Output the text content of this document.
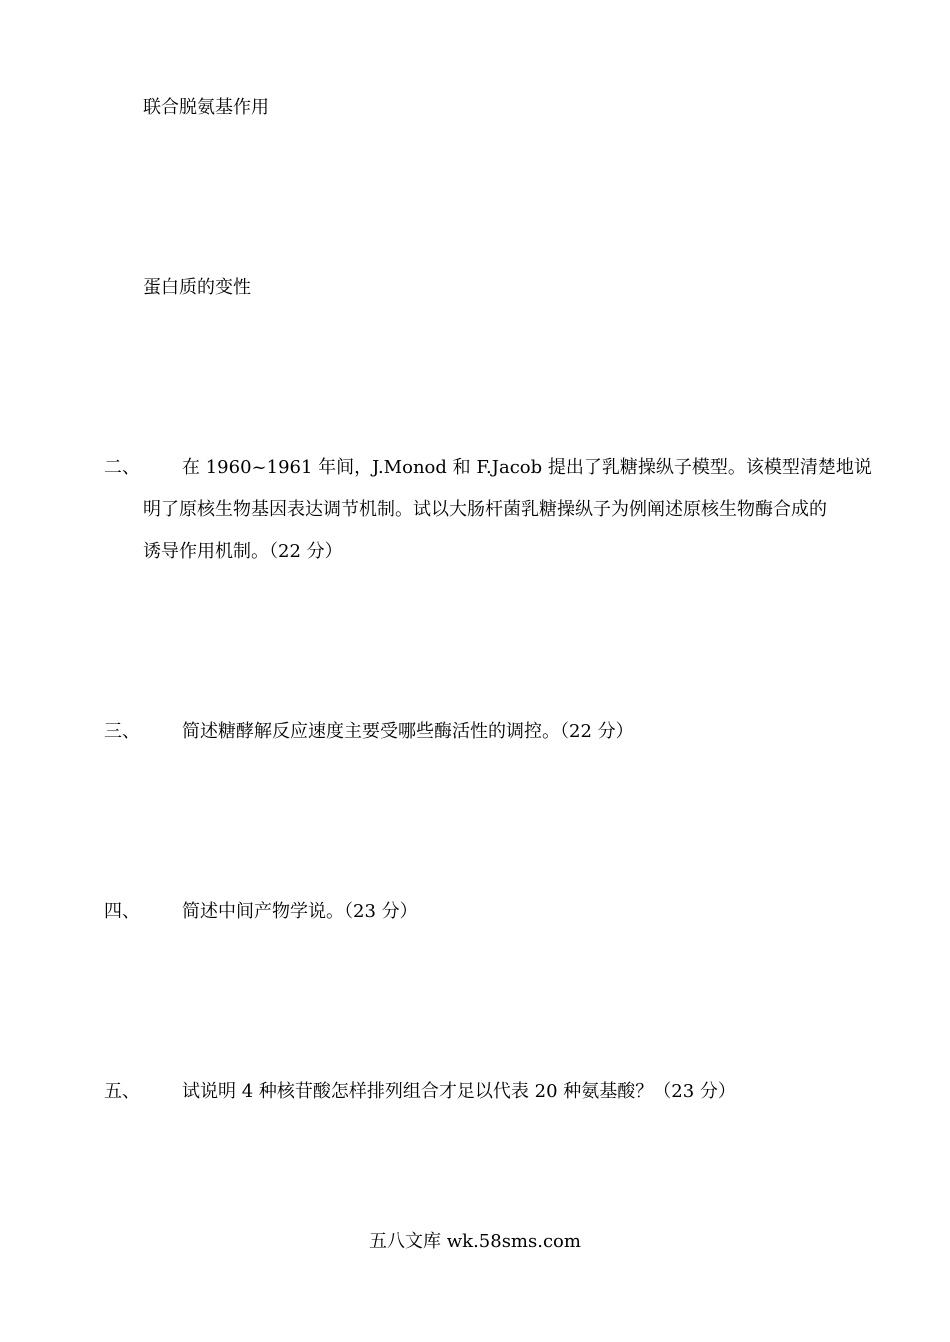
联合脱氨基作用
蛋白质的变性
二、 在 1960~1961 年间，J.Monod 和 F.Jacob 提出了乳糖操纵子模型。该模型清楚地说
明了原核生物基因表达调节机制。试以大肠杆菌乳糖操纵子为例阐述原核生物酶合成的
诱导作用机制。（22 分）
三、 简述糖酵解反应速度主要受哪些酶活性的调控。（22 分）
四、 简述中间产物学说。（23 分）
五、 试说明 4 种核苷酸怎样排列组合才足以代表 20 种氨基酸？（23 分）
五八文库 wk.58sms.com
